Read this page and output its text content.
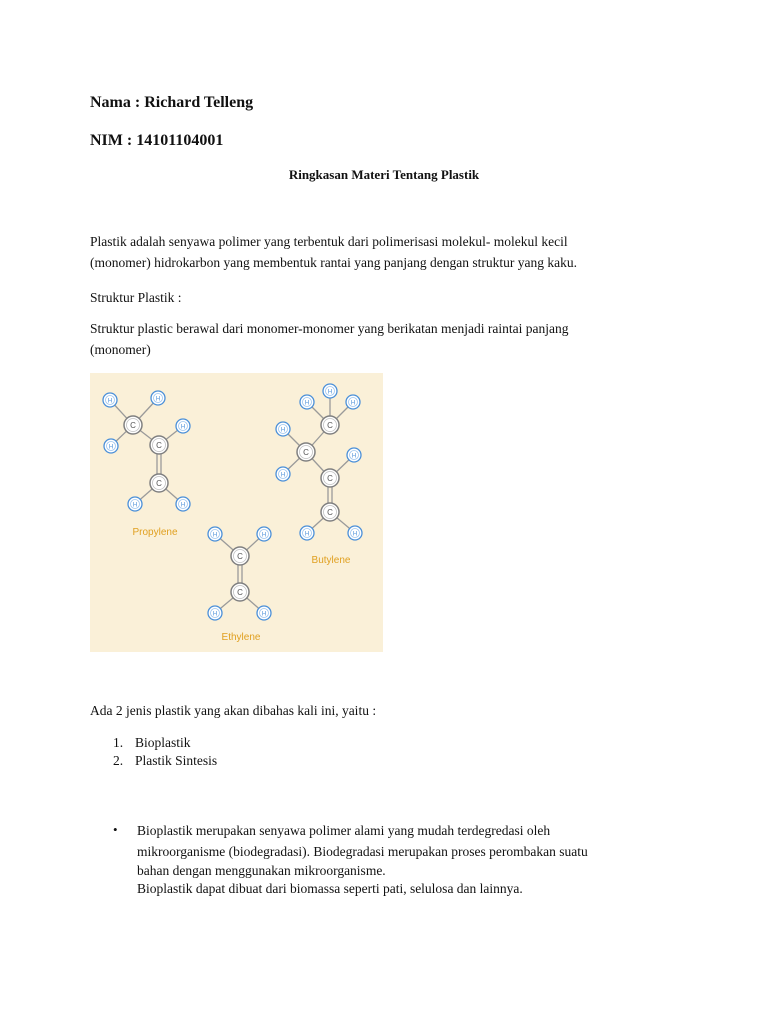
Nama : Richard Telleng
NIM : 14101104001
Ringkasan Materi Tentang Plastik
Plastik adalah senyawa polimer yang terbentuk dari polimerisasi molekul- molekul kecil
(monomer) hidrokarbon yang membentuk rantai yang panjang dengan struktur yang kaku.
Struktur Plastik :
Struktur plastic berawal dari monomer-monomer yang berikatan menjadi raintai panjang
(monomer)
C
C
C
H	H
H
H
H	H
Propylene
C
C
H	H
H	H
Ethylene
C
C
C
C
H
H
H
H
H
H
H	H
Butylene
Ada 2 jenis plastik yang akan dibahas kali ini, yaitu :
1. Bioplastik
2. Plastik Sintesis
• Bioplastik merupakan senyawa polimer alami yang mudah terdegredasi oleh
mikroorganisme (biodegradasi). Biodegradasi merupakan proses perombakan suatu
bahan dengan menggunakan mikroorganisme.
Bioplastik dapat dibuat dari biomassa seperti pati, selulosa dan lainnya.
